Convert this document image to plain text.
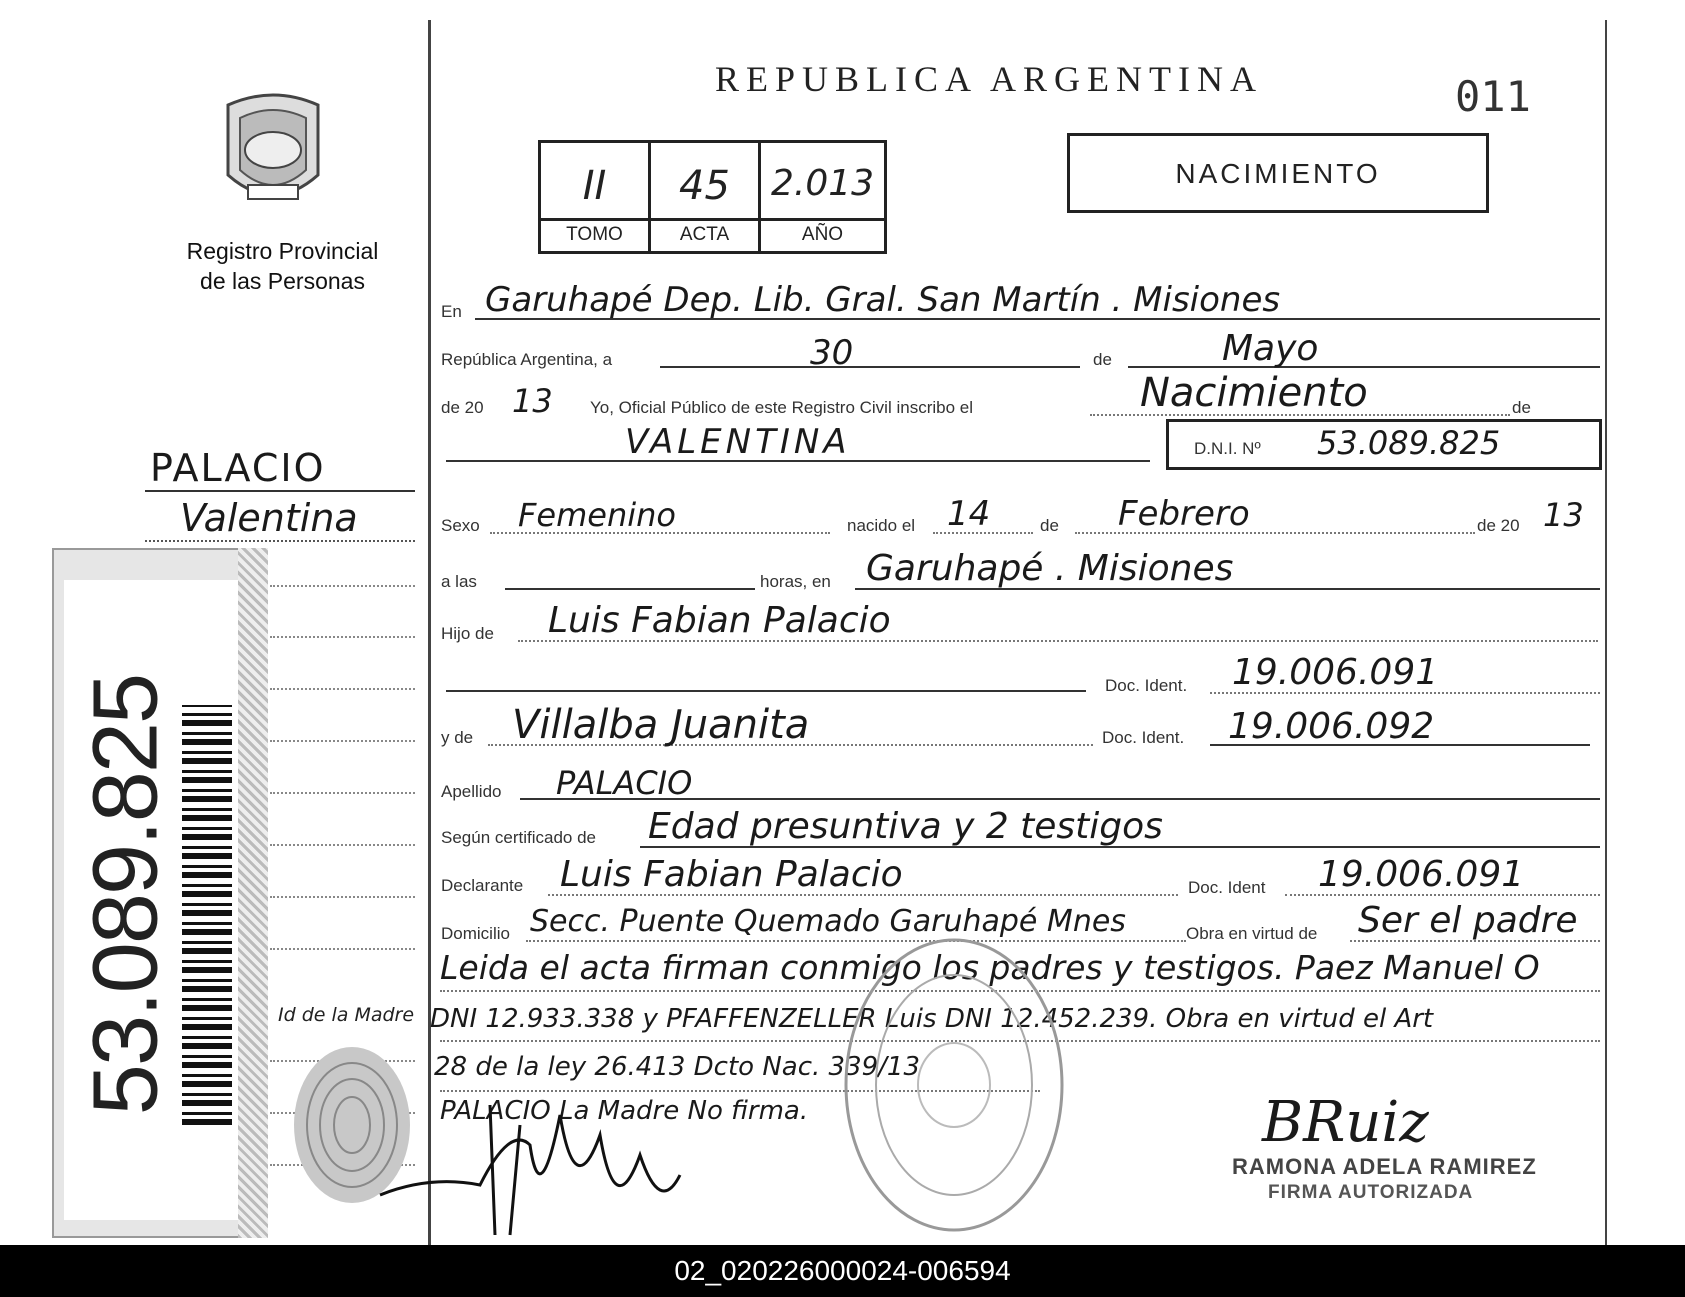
Registro Provincial
de las Personas
REPUBLICA ARGENTINA	011
II	45	2.013
TOMO	ACTA	AÑO
NACIMIENTO
En Garuhapé Dep. Lib. Gral. San Martín . Misiones
República Argentina, a	30	de	Mayo
de 20 13 Yo, Oficial Público de este Registro Civil inscribo el	Nacimiento	de
VALENTINA	D.N.I. Nº 53.089.825
Sexo Femenino	nacido el 14	de Febrero	de 20 13
a las	horas, en Garuhapé . Misiones
Hijo de Luis Fabian Palacio
Doc. Ident. 19.006.091
y de Villalba Juanita	Doc. Ident. 19.006.092
Apellido PALACIO
Según certificado de Edad presuntiva y 2 testigos
Declarante Luis Fabian Palacio	Doc. Ident 19.006.091
Domicilio Secc. Puente Quemado Garuhapé Mnes	Obra en virtud de Ser el padre
Leida el acta firman conmigo los padres y testigos. Paez Manuel O
DNI 12.933.338 y PFAFFENZELLER Luis DNI 12.452.239. Obra en virtud el Art
28 de la ley 26.413 Dcto Nac. 339/13
PALACIO La Madre No firma.	BRuiz
RAMONA ADELA RAMIREZ
FIRMA AUTORIZADA
PALACIO
Valentina
53.089.825	Id de la Madre
02_020226000024-006594
